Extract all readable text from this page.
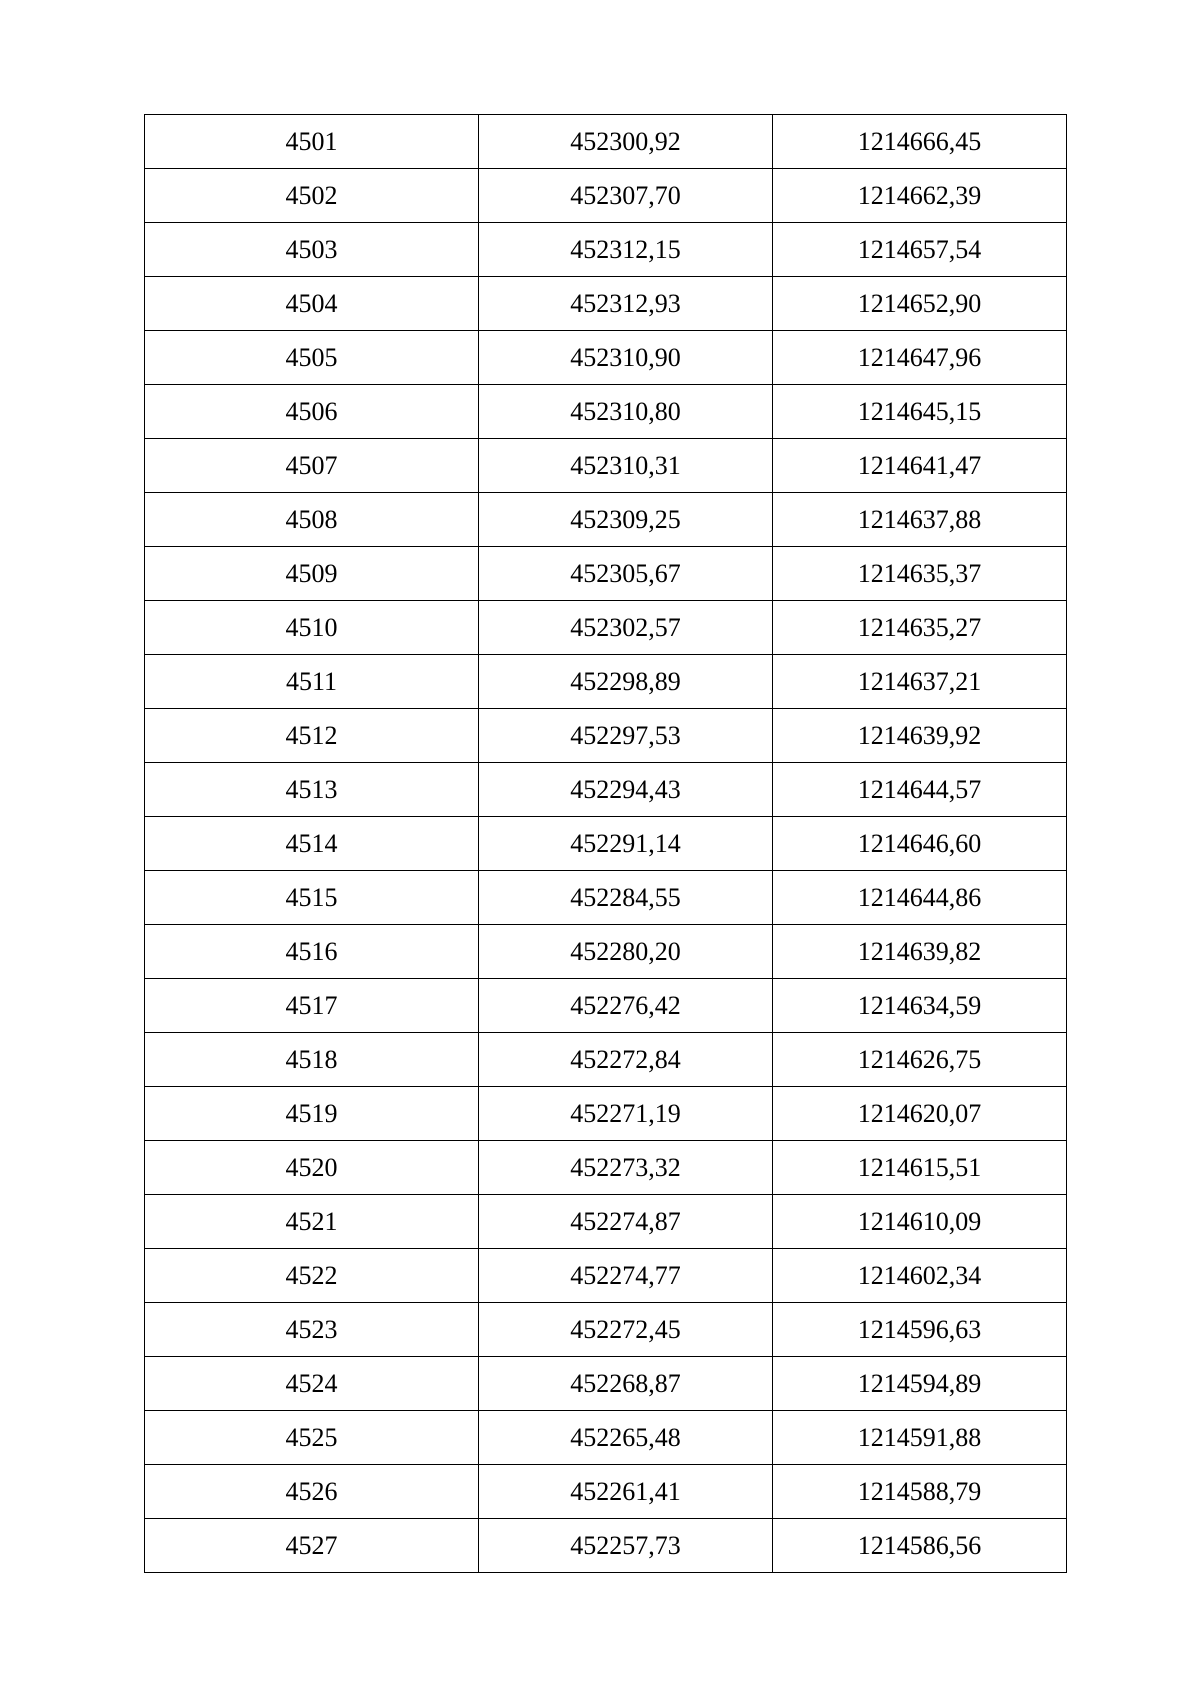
4501	452300,92	1214666,45
4502	452307,70	1214662,39
4503	452312,15	1214657,54
4504	452312,93	1214652,90
4505	452310,90	1214647,96
4506	452310,80	1214645,15
4507	452310,31	1214641,47
4508	452309,25	1214637,88
4509	452305,67	1214635,37
4510	452302,57	1214635,27
4511	452298,89	1214637,21
4512	452297,53	1214639,92
4513	452294,43	1214644,57
4514	452291,14	1214646,60
4515	452284,55	1214644,86
4516	452280,20	1214639,82
4517	452276,42	1214634,59
4518	452272,84	1214626,75
4519	452271,19	1214620,07
4520	452273,32	1214615,51
4521	452274,87	1214610,09
4522	452274,77	1214602,34
4523	452272,45	1214596,63
4524	452268,87	1214594,89
4525	452265,48	1214591,88
4526	452261,41	1214588,79
4527	452257,73	1214586,56
